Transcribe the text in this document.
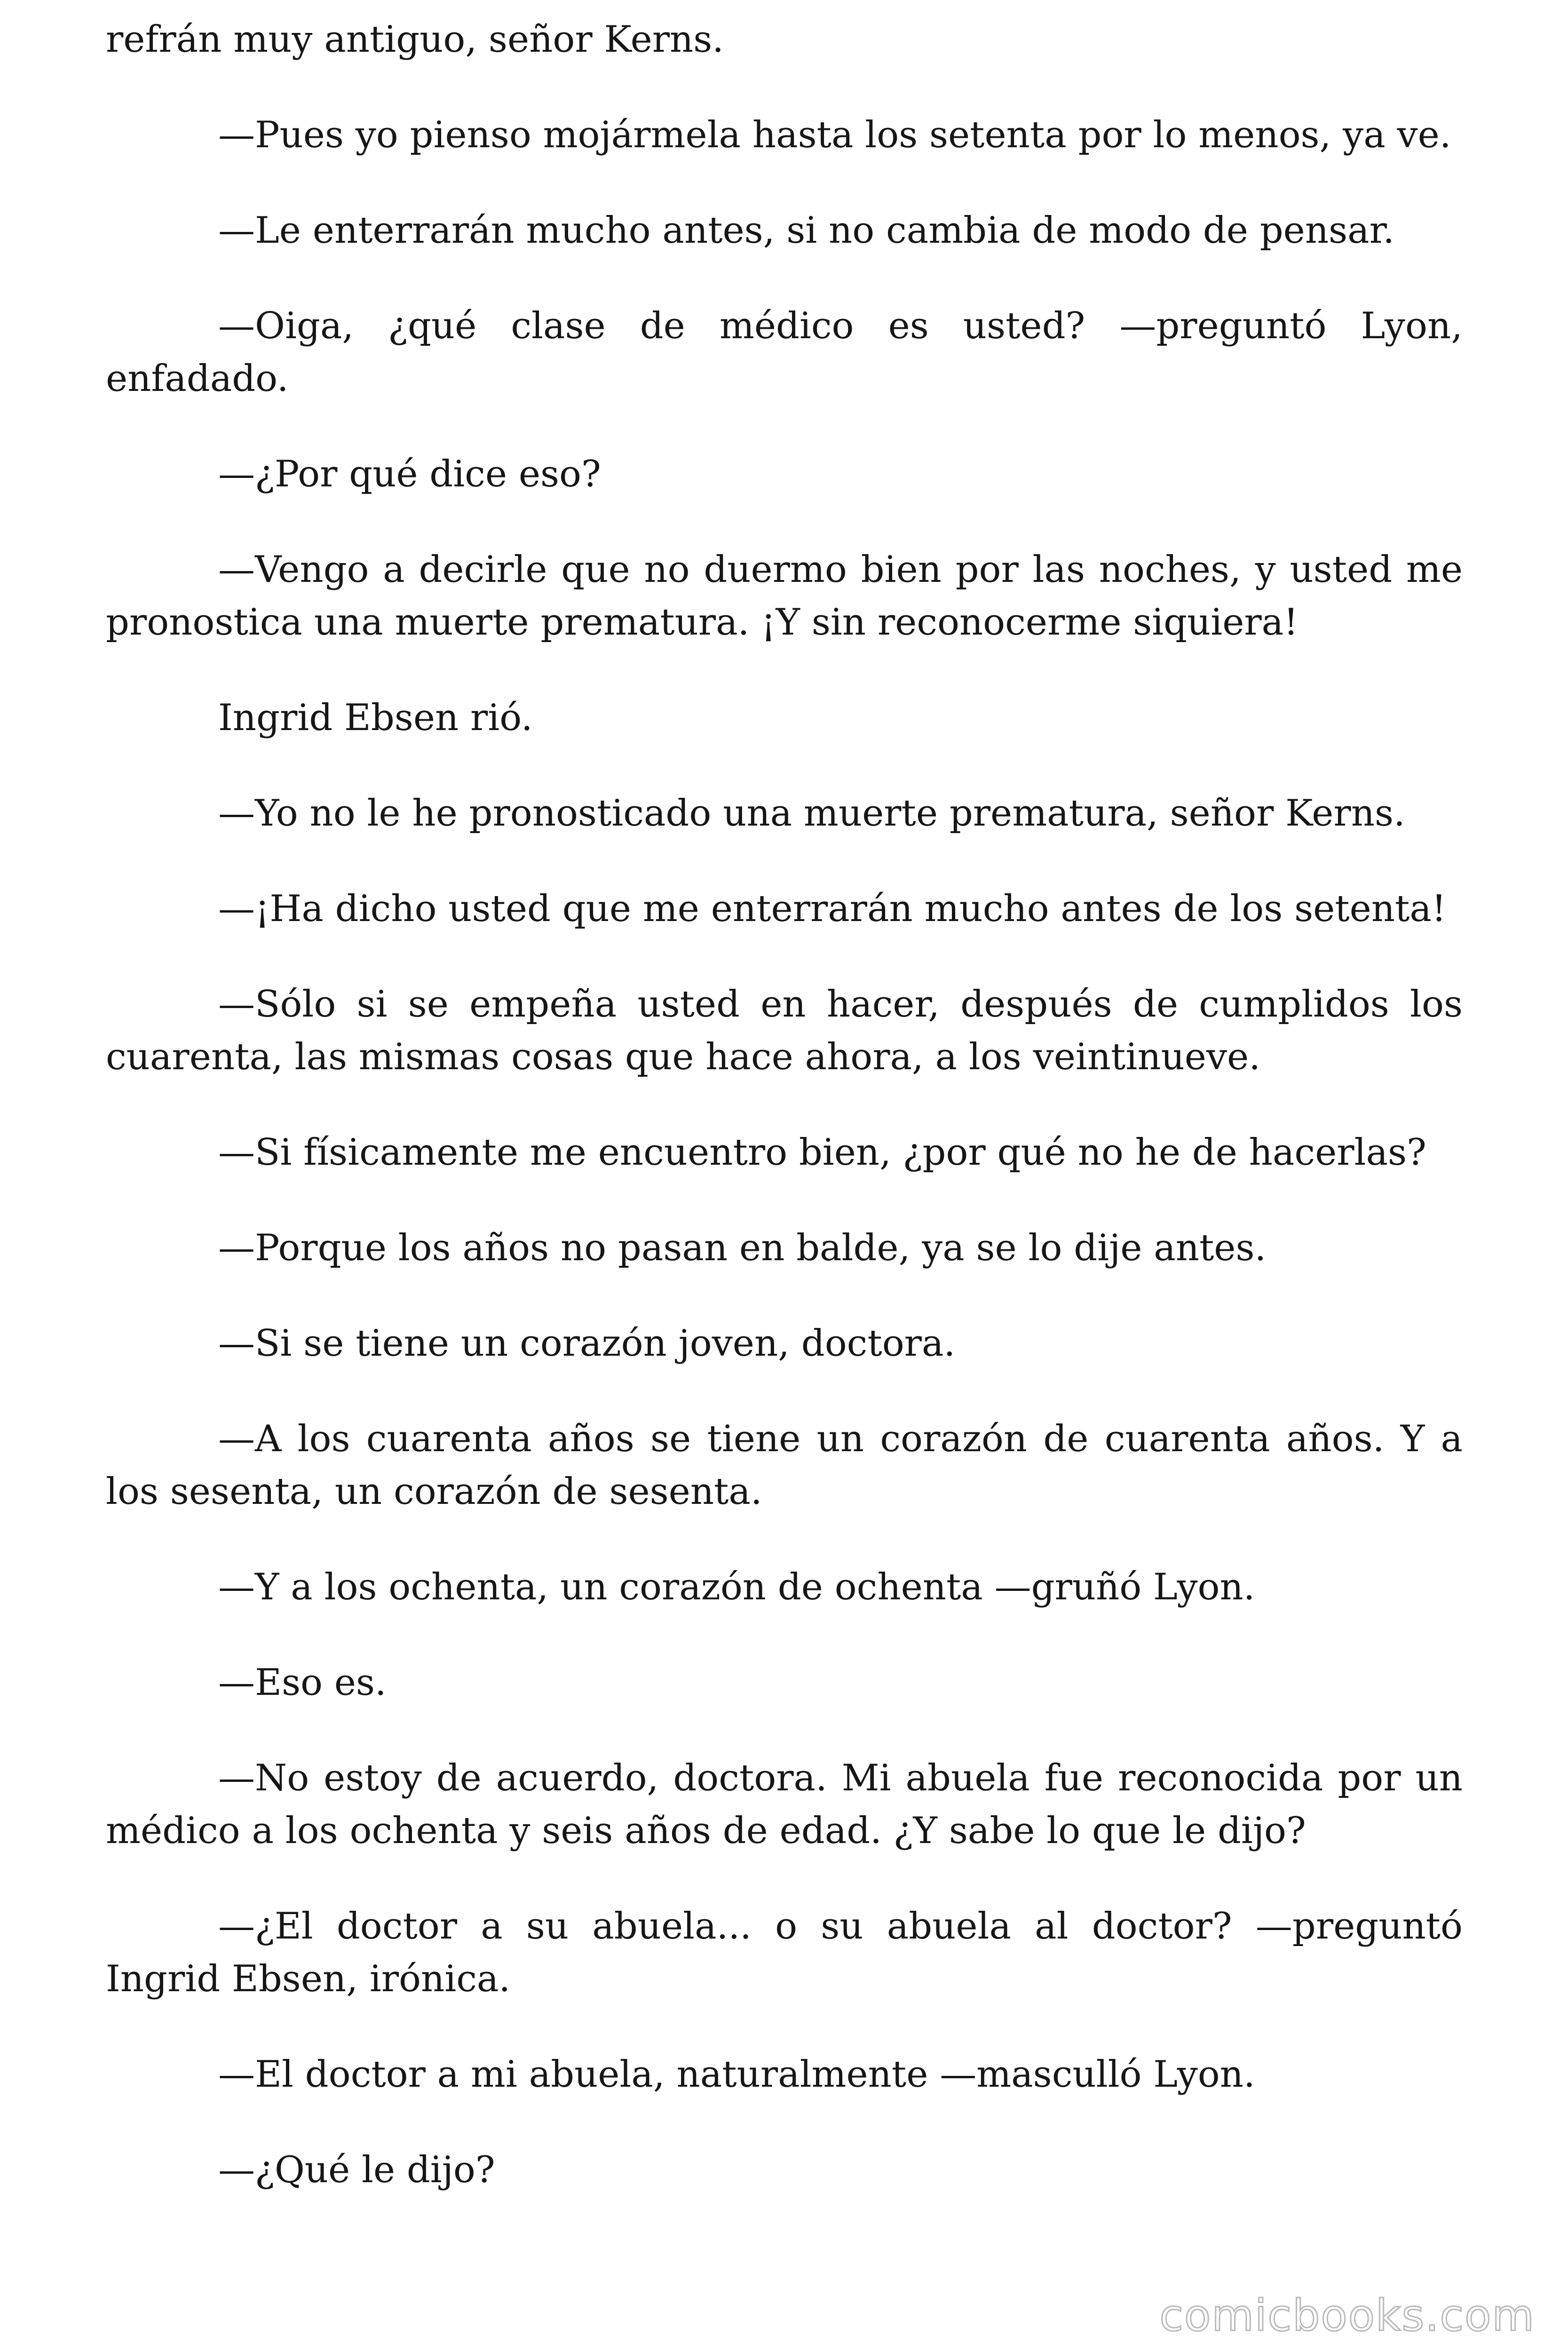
refrán muy antiguo, señor Kerns.

—Pues yo pienso mojármela hasta los setenta por lo menos, ya ve.

—Le enterrarán mucho antes, si no cambia de modo de pensar.

—Oiga, ¿qué clase de médico es usted? —preguntó Lyon, enfadado.

—¿Por qué dice eso?

—Vengo a decirle que no duermo bien por las noches, y usted me pronostica una muerte prematura. ¡Y sin reconocerme siquiera!

Ingrid Ebsen rió.

—Yo no le he pronosticado una muerte prematura, señor Kerns.

—¡Ha dicho usted que me enterrarán mucho antes de los setenta!

—Sólo si se empeña usted en hacer, después de cumplidos los cuarenta, las mismas cosas que hace ahora, a los veintinueve.

—Si físicamente me encuentro bien, ¿por qué no he de hacerlas?

—Porque los años no pasan en balde, ya se lo dije antes.

—Si se tiene un corazón joven, doctora.

—A los cuarenta años se tiene un corazón de cuarenta años. Y a los sesenta, un corazón de sesenta.

—Y a los ochenta, un corazón de ochenta —gruñó Lyon.

—Eso es.

—No estoy de acuerdo, doctora. Mi abuela fue reconocida por un médico a los ochenta y seis años de edad. ¿Y sabe lo que le dijo?

—¿El doctor a su abuela... o su abuela al doctor? —preguntó Ingrid Ebsen, irónica.

—El doctor a mi abuela, naturalmente —masculló Lyon.

—¿Qué le dijo?

comicbooks.com
